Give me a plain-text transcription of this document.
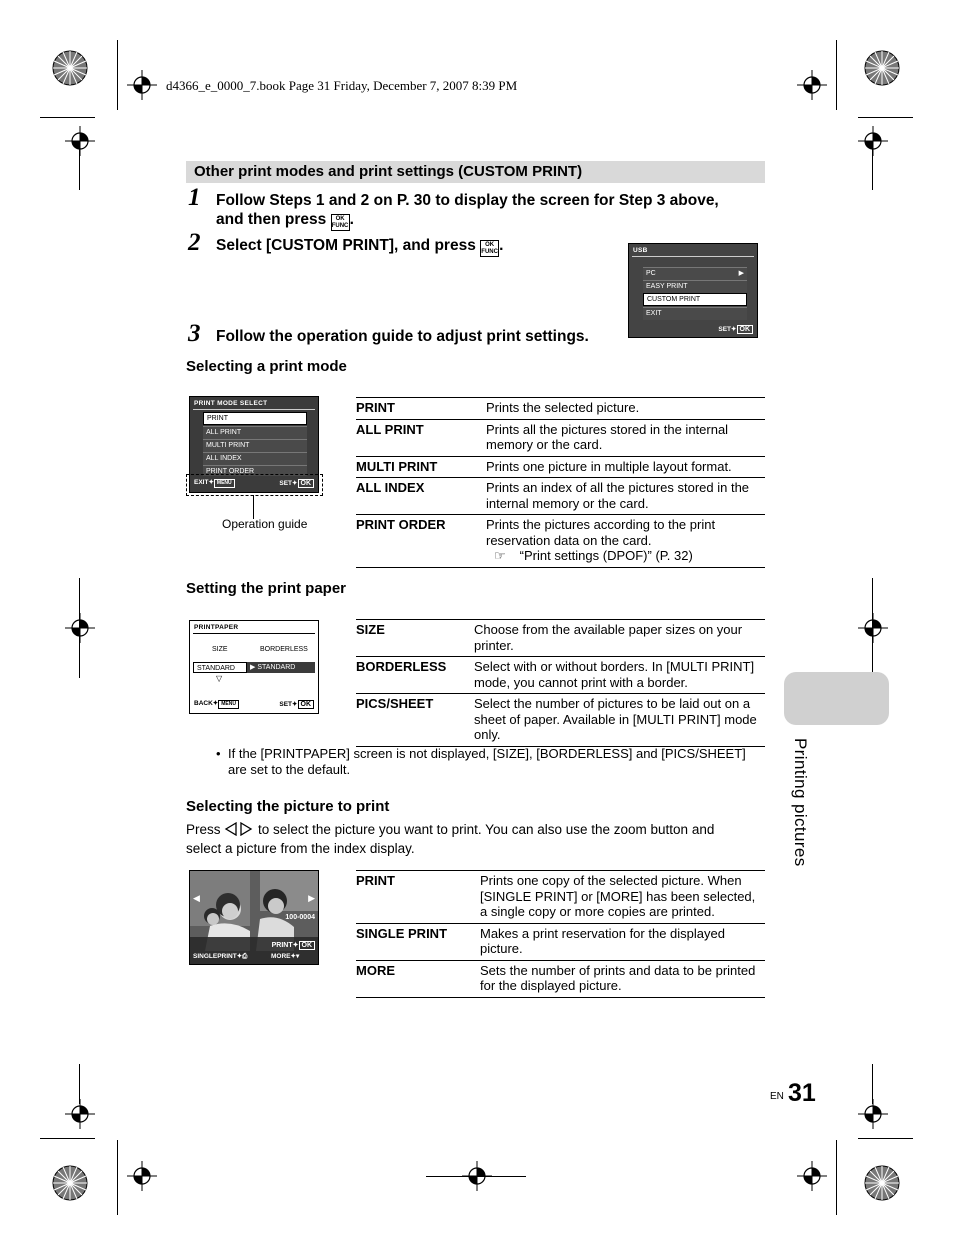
d4366_e_0000_7.book Page 31 Friday, December 7, 2007 8:39 PM
Other print modes and print settings (CUSTOM PRINT)
1 Follow Steps 1 and 2 on P. 30 to display the screen for Step 3 above,
and then press OK
FUNC.
2 Select [CUSTOM PRINT], and press OK
FUNC.	USB
PC	▶
EASY PRINT
CUSTOM PRINT
EXIT
SET✦ OK
3 Follow the operation guide to adjust print settings.
Selecting a print mode
PRINT MODE SELECT
PRINT
ALL PRINT
MULTI PRINT
ALL INDEX
PRINT ORDER
EXIT✦ MENU	SET✦ OK
Operation guide
PRINT	Prints the selected picture.
ALL PRINT	Prints all the pictures stored in the internal memory or the card.
MULTI PRINT	Prints one picture in multiple layout format.
ALL INDEX	Prints an index of all the pictures stored in the internal memory or the card.
PRINT ORDER	Prints the pictures according to the print reservation data on the card.
☞ “Print settings (DPOF)” (P. 32)
Setting the print paper
PRINTPAPER
SIZE	BORDERLESS
STANDARD	▶ STANDARD
▽
BACK✦ MENU	SET✦ OK
SIZE	Choose from the available paper sizes on your printer.
BORDERLESS	Select with or without borders. In [MULTI PRINT] mode, you cannot print with a border.
PICS/SHEET	Select the number of pictures to be laid out on a sheet of paper. Available in [MULTI PRINT] mode only.
• If the [PRINTPAPER] screen is not displayed, [SIZE], [BORDERLESS] and [PICS/SHEET] are set to the default.
Selecting the picture to print
Press	to select the picture you want to print. You can also use the zoom button and
select a picture from the index display.
◀	▶
100-0004
PRINT✦ OK
SINGLEPRINT✦⎙	MORE✦▾
PRINT	Prints one copy of the selected picture. When [SINGLE PRINT] or [MORE] has been selected, a single copy or more copies are printed.
SINGLE PRINT	Makes a print reservation for the displayed picture.
MORE	Sets the number of prints and data to be printed for the displayed picture.
Printing pictures
EN 31
